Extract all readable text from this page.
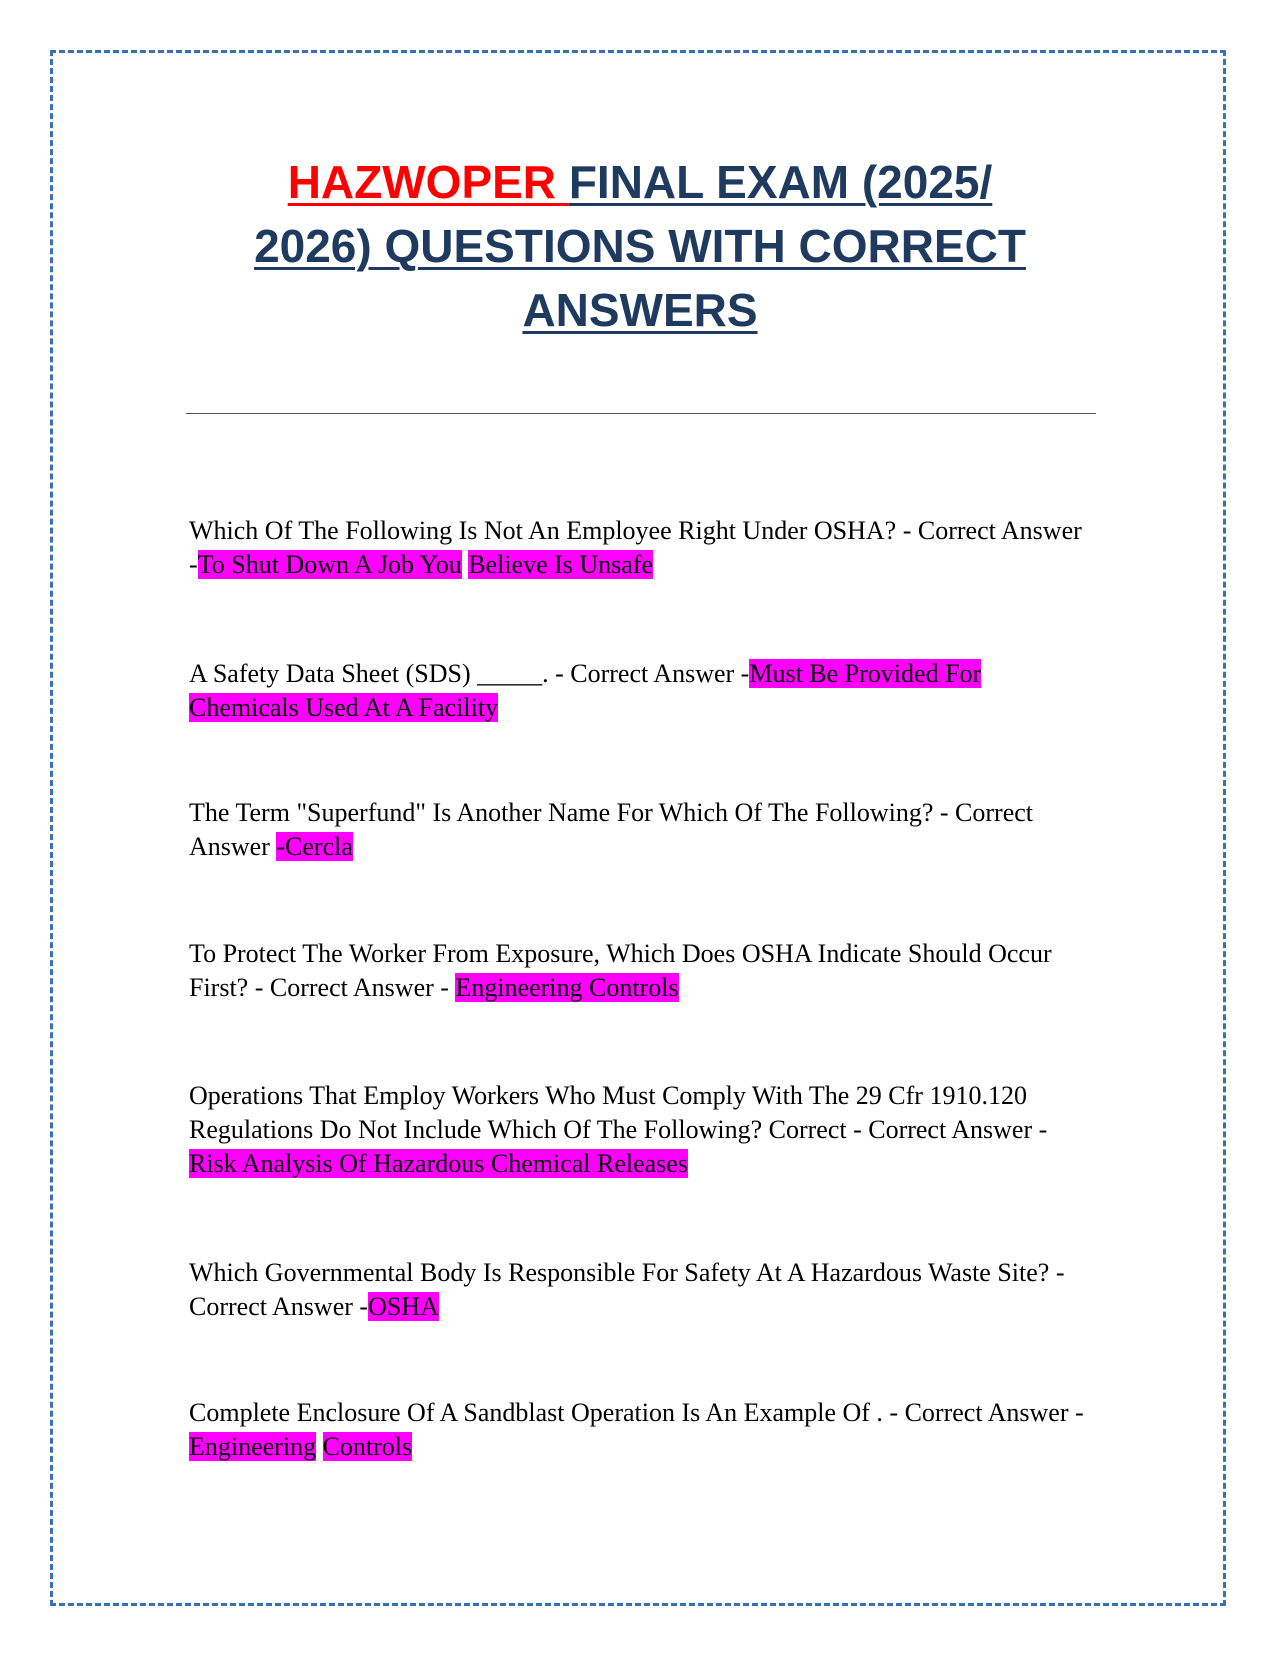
HAZWOPER FINAL EXAM (2025/
2026) QUESTIONS WITH CORRECT
ANSWERS

Which Of The Following Is Not An Employee Right Under OSHA? - Correct Answer -To Shut Down A Job You Believe Is Unsafe

A Safety Data Sheet (SDS) _____. - Correct Answer -Must Be Provided For Chemicals Used At A Facility

The Term "Superfund" Is Another Name For Which Of The Following? - Correct Answer -Cercla

To Protect The Worker From Exposure, Which Does OSHA Indicate Should Occur First? - Correct Answer - Engineering Controls

Operations That Employ Workers Who Must Comply With The 29 Cfr 1910.120 Regulations Do Not Include Which Of The Following? Correct - Correct Answer -Risk Analysis Of Hazardous Chemical Releases

Which Governmental Body Is Responsible For Safety At A Hazardous Waste Site? - Correct Answer -OSHA

Complete Enclosure Of A Sandblast Operation Is An Example Of . - Correct Answer -Engineering Controls
